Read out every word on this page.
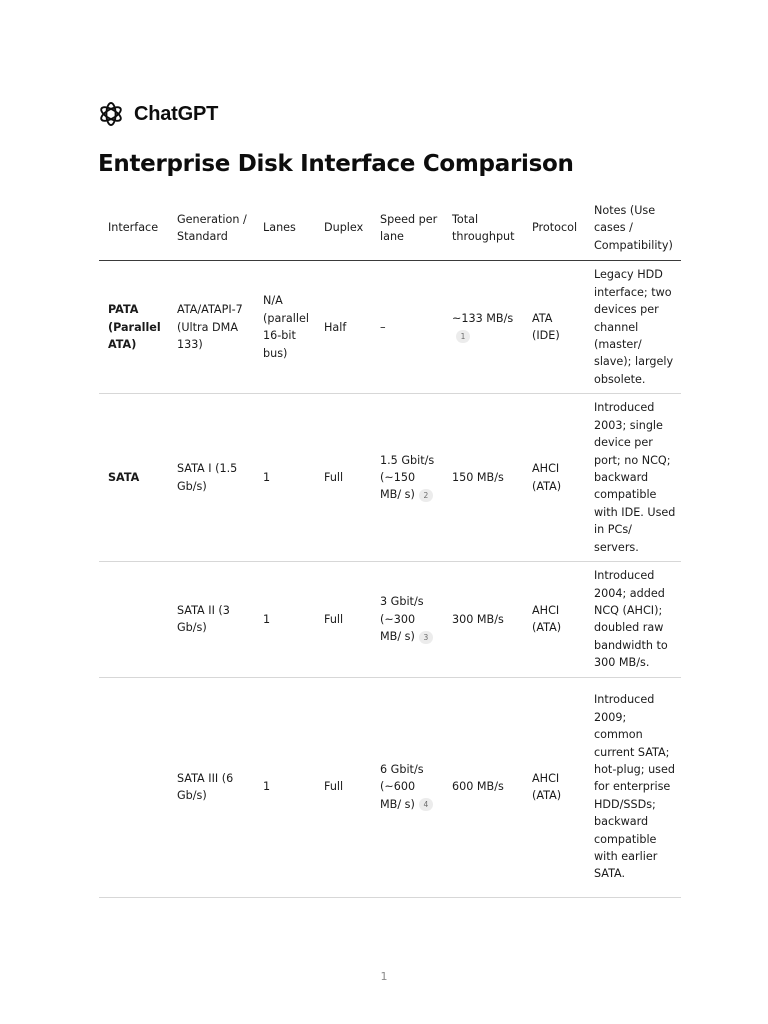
ChatGPT
Enterprise Disk Interface Comparison
Interface	Generation / Standard	Lanes	Duplex	Speed per lane	Total throughput	Protocol	Notes (Use cases / Compatibility)
PATA (Parallel ATA)	ATA/ATAPI-7 (Ultra DMA 133)	N/A (parallel 16-bit bus)	Half	–	~133 MB/s1	ATA (IDE)	Legacy HDD interface; two devices per channel (master/ slave); largely obsolete.
SATA	SATA I (1.5 Gb/s)	1	Full	1.5 Gbit/s (~150 MB/ s) 2	150 MB/s	AHCI (ATA)	Introduced 2003; single device per port; no NCQ; backward compatible with IDE. Used in PCs/ servers.
	SATA II (3 Gb/s)	1	Full	3 Gbit/s (~300 MB/ s) 3	300 MB/s	AHCI (ATA)	Introduced 2004; added NCQ (AHCI); doubled raw bandwidth to 300 MB/s.
	SATA III (6 Gb/s)	1	Full	6 Gbit/s (~600 MB/ s) 4	600 MB/s	AHCI (ATA)	Introduced 2009; common current SATA; hot-plug; used for enterprise HDD/SSDs; backward compatible with earlier SATA.
1
